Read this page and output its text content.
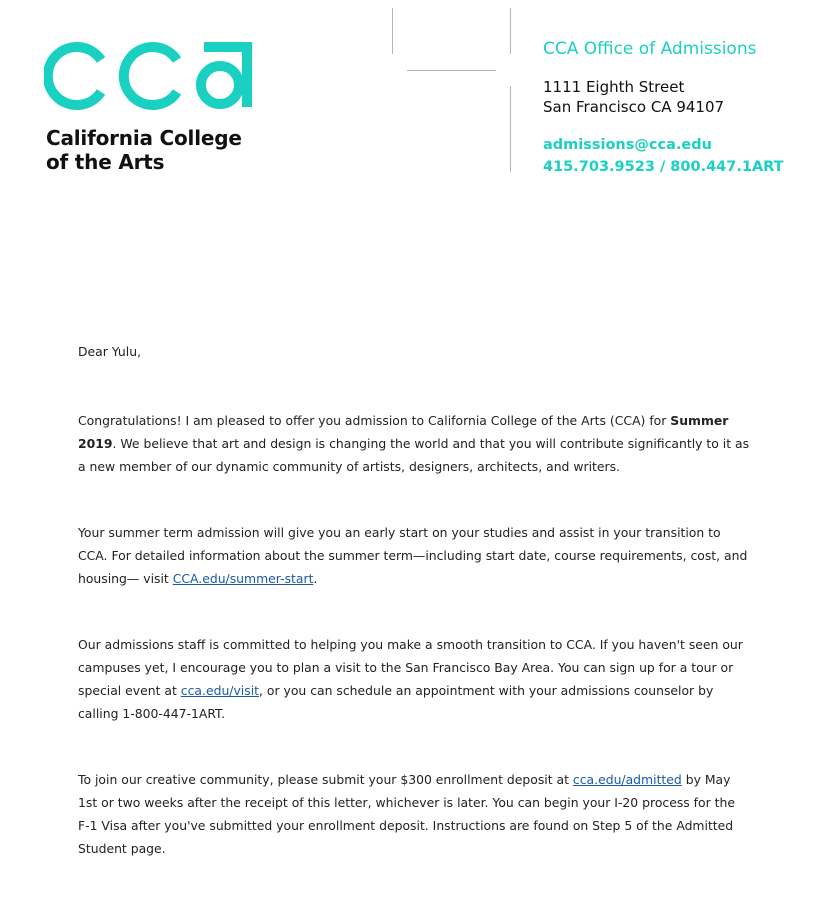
California College
of the Arts
CCA Office of Admissions
1111 Eighth Street
San Francisco CA 94107
admissions@cca.edu
415.703.9523 / 800.447.1ART

Dear Yulu,

Congratulations! I am pleased to offer you admission to California College of the Arts (CCA) for Summer 2019. We believe that art and design is changing the world and that you will contribute significantly to it as a new member of our dynamic community of artists, designers, architects, and writers.

Your summer term admission will give you an early start on your studies and assist in your transition to CCA. For detailed information about the summer term—including start date, course requirements, cost, and housing— visit CCA.edu/summer-start.

Our admissions staff is committed to helping you make a smooth transition to CCA. If you haven't seen our campuses yet, I encourage you to plan a visit to the San Francisco Bay Area. You can sign up for a tour or special event at cca.edu/visit, or you can schedule an appointment with your admissions counselor by calling 1-800-447-1ART.

To join our creative community, please submit your $300 enrollment deposit at cca.edu/admitted by May 1st or two weeks after the receipt of this letter, whichever is later. You can begin your I-20 process for the F-1 Visa after you've submitted your enrollment deposit. Instructions are found on Step 5 of the Admitted Student page.
